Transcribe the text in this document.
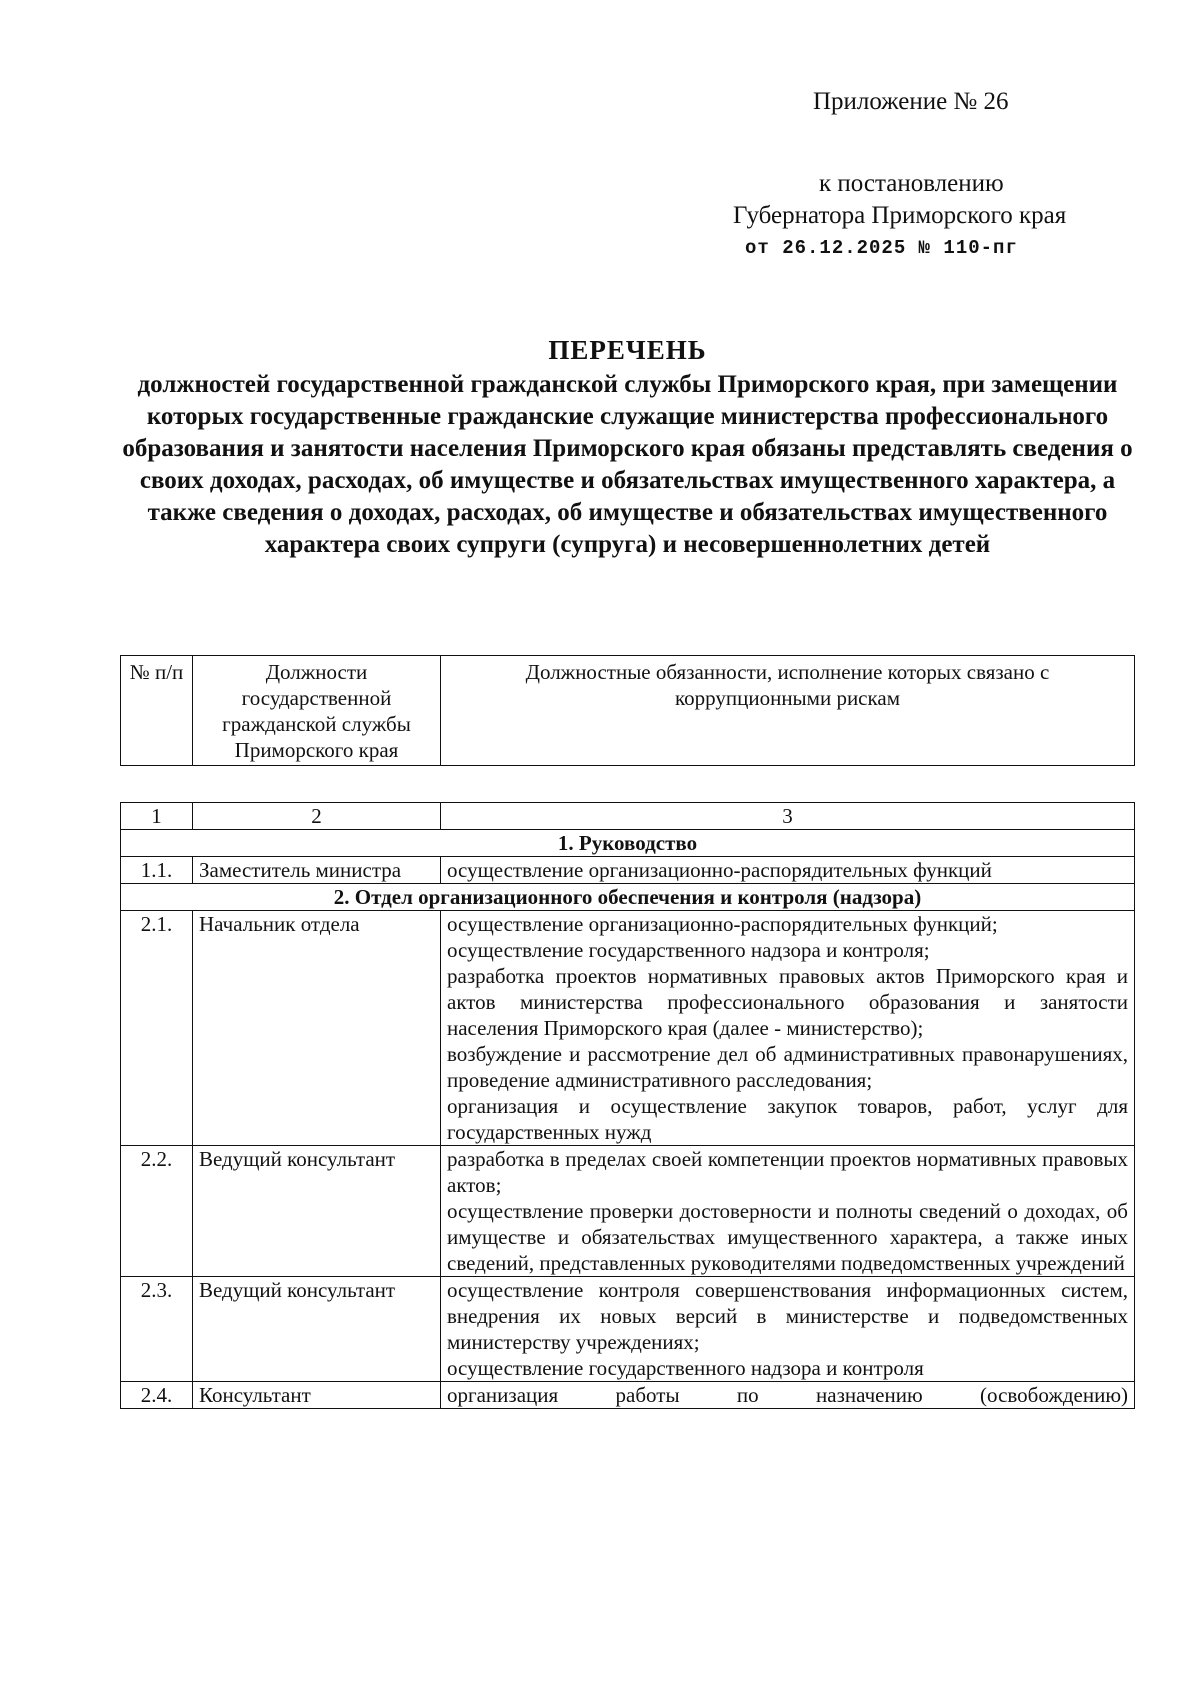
Приложение № 26
к постановлению
Губернатора Приморского края
от 26.12.2025 № 110-пг
ПЕРЕЧЕНЬ
должностей государственной гражданской службы Приморского края, при замещении которых государственные гражданские служащие министерства профессионального образования и занятости населения Приморского края обязаны представлять сведения о своих доходах, расходах, об имуществе и обязательствах имущественного характера, а также сведения о доходах, расходах, об имуществе и обязательствах имущественного характера своих супруги (супруга) и несовершеннолетних детей
№ п/п	Должности государственной гражданской службы Приморского края	Должностные обязанности, исполнение которых связано с коррупционными рискам
1	2	3
1. Руководство		
1.1.	Заместитель министра	осуществление организационно-распорядительных функций

2. Отдел организационного обеспечения и контроля (надзора)		
2.1.	Начальник отдела	осуществление организационно-распорядительных функций;
осуществление государственного надзора и контроля;
разработка проектов нормативных правовых актов Приморского края и актов министерства профессионального образования и занятости населения Приморского края (далее - министерство);
возбуждение и рассмотрение дел об административных правонарушениях, проведение административного расследования;
организация и осуществление закупок товаров, работ, услуг для государственных нужд

2.2.	Ведущий консультант	разработка в пределах своей компетенции проектов нормативных правовых актов;
осуществление проверки достоверности и полноты сведений о доходах, об имуществе и обязательствах имущественного характера, а также иных сведений, представленных руководителями подведомственных учреждений

2.3.	Ведущий консультант	осуществление контроля совершенствования информационных систем, внедрения их новых версий в министерстве и подведомственных министерству учреждениях;
осуществление государственного надзора и контроля

2.4.	Консультант	организация работы по назначению (освобождению)
